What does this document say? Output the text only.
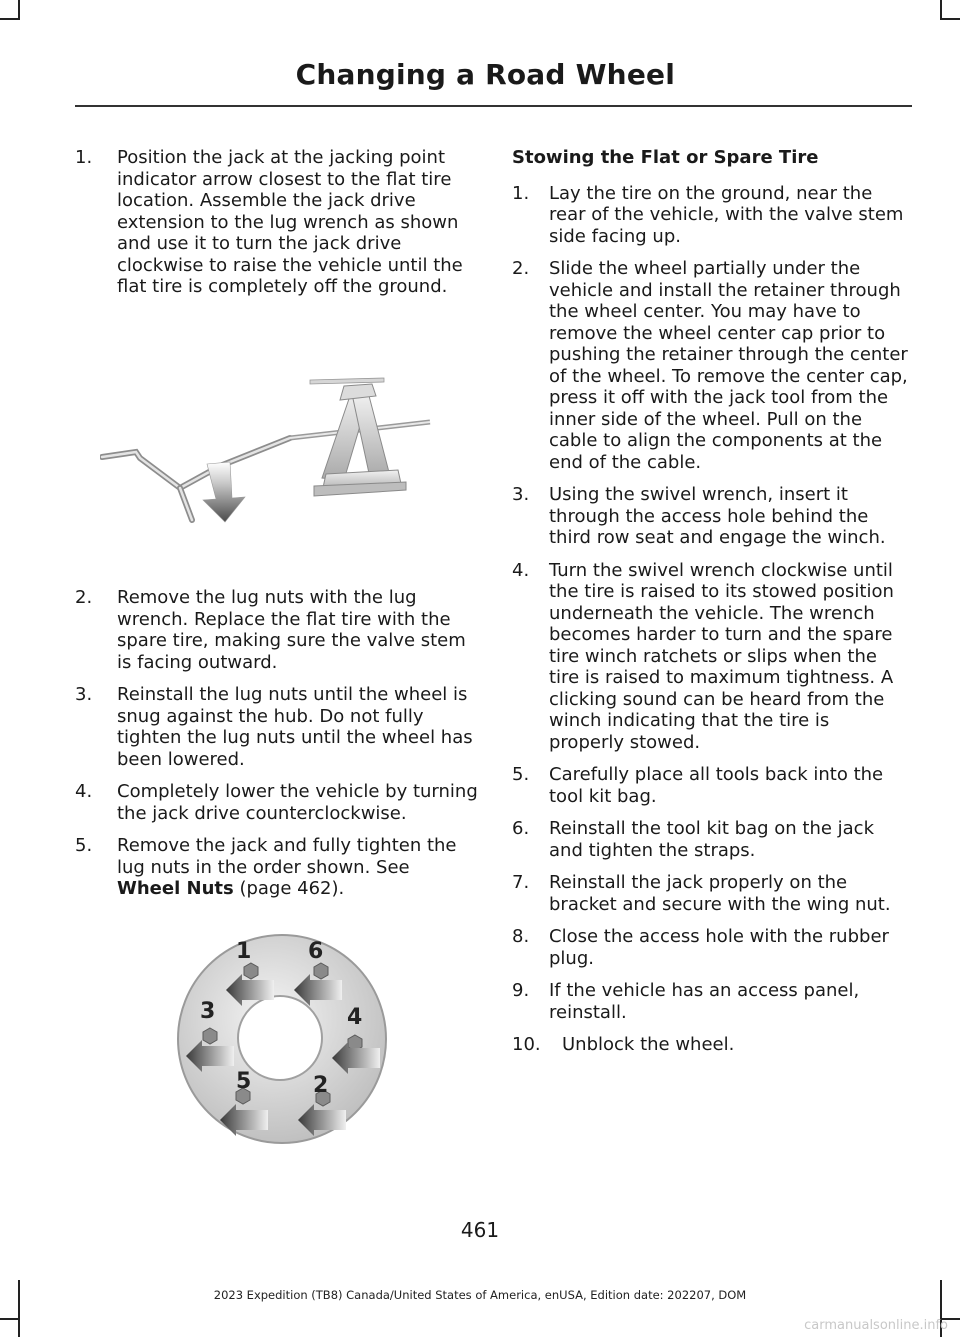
Changing a Road Wheel
1. Position the jack at the jacking point indicator arrow closest to the flat tire location. Assemble the jack drive extension to the lug wrench as shown and use it to turn the jack drive clockwise to raise the vehicle until the flat tire is completely off the ground.
2. Remove the lug nuts with the lug wrench. Replace the flat tire with the spare tire, making sure the valve stem is facing outward.
3. Reinstall the lug nuts until the wheel is snug against the hub. Do not fully tighten the lug nuts until the wheel has been lowered.
4. Completely lower the vehicle by turning the jack drive counterclockwise.
5. Remove the jack and fully tighten the lug nuts in the order shown. See Wheel Nuts (page 462).
1
2
3	4
5
6
Stowing the Flat or Spare Tire
1. Lay the tire on the ground, near the rear of the vehicle, with the valve stem side facing up.
2. Slide the wheel partially under the vehicle and install the retainer through the wheel center. You may have to remove the wheel center cap prior to pushing the retainer through the center of the wheel. To remove the center cap, press it off with the jack tool from the inner side of the wheel. Pull on the cable to align the components at the end of the cable.
3. Using the swivel wrench, insert it through the access hole behind the third row seat and engage the winch.
4. Turn the swivel wrench clockwise until the tire is raised to its stowed position underneath the vehicle. The wrench becomes harder to turn and the spare tire winch ratchets or slips when the tire is raised to maximum tightness. A clicking sound can be heard from the winch indicating that the tire is properly stowed.
5. Carefully place all tools back into the tool kit bag.
6. Reinstall the tool kit bag on the jack and tighten the straps.
7. Reinstall the jack properly on the bracket and secure with the wing nut.
8. Close the access hole with the rubber plug.
9. If the vehicle has an access panel, reinstall.
10. Unblock the wheel.
461
2023 Expedition (TB8) Canada/United States of America, enUSA, Edition date: 202207, DOM
carmanualsonline.info
